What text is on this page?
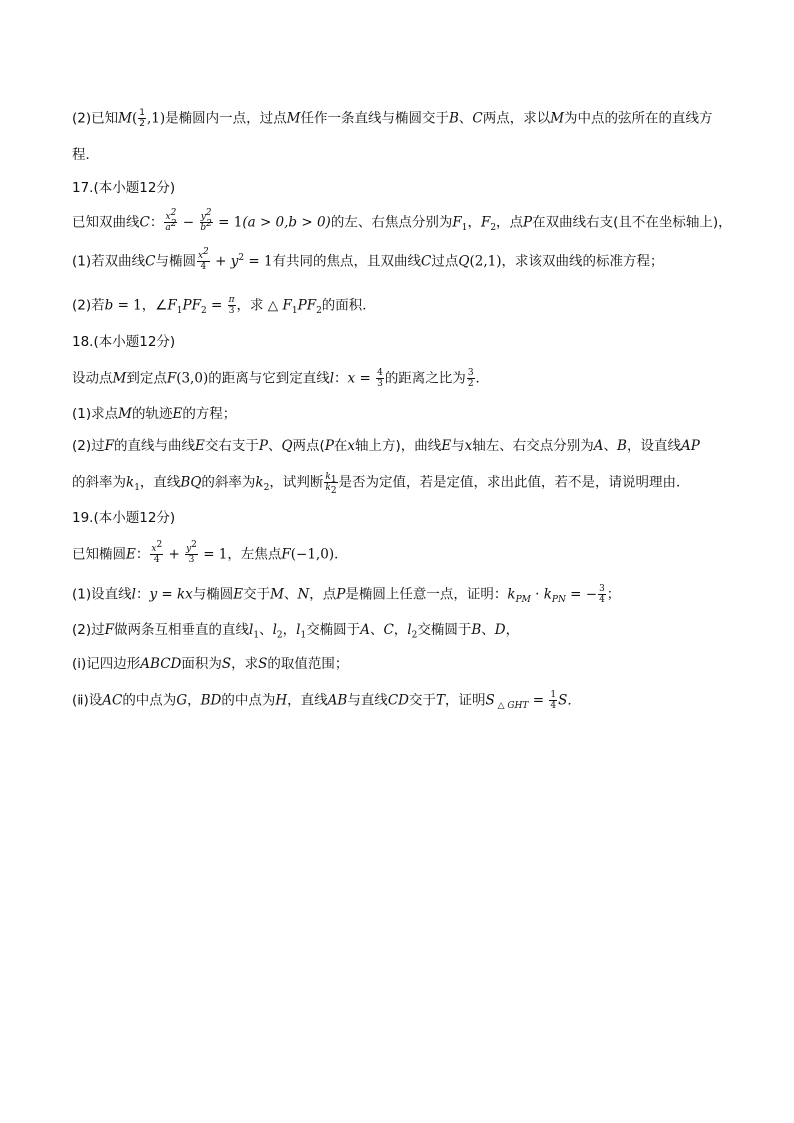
(2)已知$M( \frac{1}{2} ,1)$是椭圆内一点，过点M任作一条直线与椭圆交于B、C两点，求以M为中点的弦所在的直线方
程．
17.(本小题12分)
已知双曲线C： $\frac{x^2}{a^2} - \frac{y^2}{b^2} = 1(a > 0,b > 0)$的左、右焦点分别为$F_1$，$F_2$，点P在双曲线右支(且不在坐标轴上)，
(1)若双曲线C与椭圆 $\frac{x^2}{4} + y^2 = 1$有共同的焦点，且双曲线C过点Q(2,1)，求该双曲线的标准方程；
(2)若b = 1，$\angle F_1PF_2 = \frac{\pi}{3}$ ，求 △ $F_1PF_2$的面积．
18.(本小题12分)
设动点M到定点F(3,0)的距离与它到定直线l：$x = \frac{4}{3}$ 的距离之比为 $\frac{3}{2}$ ．
(1)求点M的轨迹E的方程；
(2)过F的直线与曲线E交右支于P、Q两点(P在x轴上方)，曲线E与x轴左、右交点分别为A、B，设直线AP
的斜率为$k_1$，直线BQ的斜率为$k_2$，试判断 $\frac{k_1}{k_2}$ 是否为定值，若是定值，求出此值，若不是，请说明理由．
19.(本小题12分)
已知椭圆E： $\frac{x^2}{4} + \frac{y^2}{3} = 1$，左焦点F(−1,0)．
(1)设直线l：y = kx与椭圆E交于M、N，点P是椭圆上任意一点，证明：$k_{PM} \cdot k_{PN}$ = − $\frac{3}{4}$ ；
(2)过F做两条互相垂直的直线$l_1$、$l_2$，$l_1$交椭圆于A、C，$l_2$交椭圆于B、D，
(ⅰ)记四边形ABCD面积为S，求S的取值范围；
(ⅱ)设AC的中点为G，BD的中点为H，直线AB与直线CD交于T，证明S $_{\triangle GHT} = \frac{1}{4}$ S．
